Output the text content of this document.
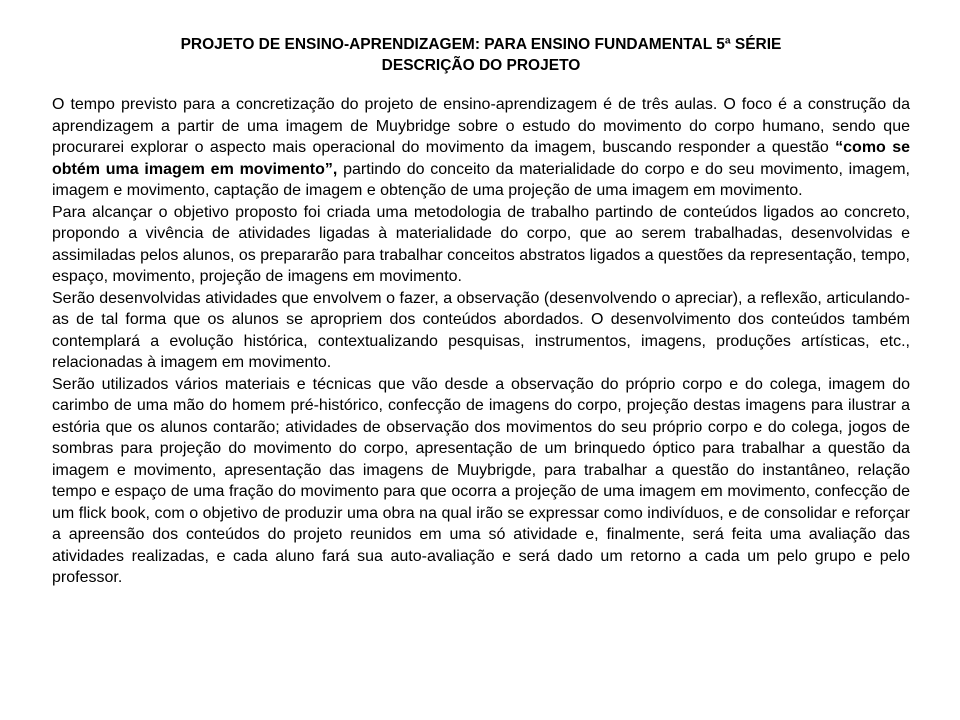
PROJETO DE ENSINO-APRENDIZAGEM: PARA ENSINO FUNDAMENTAL 5ª SÉRIE
DESCRIÇÃO DO PROJETO

O tempo previsto para a concretização do projeto de ensino-aprendizagem é de três aulas. O foco é a construção da aprendizagem a partir de uma imagem de Muybridge sobre o estudo do movimento do corpo humano, sendo que procurarei explorar o aspecto mais operacional do movimento da imagem, buscando responder a questão “como se obtém uma imagem em movimento”, partindo do conceito da materialidade do corpo e do seu movimento, imagem, imagem e movimento, captação de imagem e obtenção de uma projeção de uma imagem em movimento.

Para alcançar o objetivo proposto foi criada uma metodologia de trabalho partindo de conteúdos ligados ao concreto, propondo a vivência de atividades ligadas à materialidade do corpo, que ao serem trabalhadas, desenvolvidas e assimiladas pelos alunos, os prepararão para trabalhar conceitos abstratos ligados a questões da representação, tempo, espaço, movimento, projeção de imagens em movimento.

Serão desenvolvidas atividades que envolvem o fazer, a observação (desenvolvendo o apreciar), a reflexão, articulando-as de tal forma que os alunos se apropriem dos conteúdos abordados. O desenvolvimento dos conteúdos também contemplará a evolução histórica, contextualizando pesquisas, instrumentos, imagens, produções artísticas, etc., relacionadas à imagem em movimento.

Serão utilizados vários materiais e técnicas que vão desde a observação do próprio corpo e do colega, imagem do carimbo de uma mão do homem pré-histórico, confecção de imagens do corpo, projeção destas imagens para ilustrar a estória que os alunos contarão; atividades de observação dos movimentos do seu próprio corpo e do colega, jogos de sombras para projeção do movimento do corpo, apresentação de um brinquedo óptico para trabalhar a questão da imagem e movimento, apresentação das imagens de Muybrigde, para trabalhar a questão do instantâneo, relação tempo e espaço de uma fração do movimento para que ocorra a projeção de uma imagem em movimento, confecção de um flick book, com o objetivo de produzir uma obra na qual irão se expressar como indivíduos, e de consolidar e reforçar a apreensão dos conteúdos do projeto reunidos em uma só atividade e, finalmente, será feita uma avaliação das atividades realizadas, e cada aluno fará sua auto-avaliação e será dado um retorno a cada um pelo grupo e pelo professor.
